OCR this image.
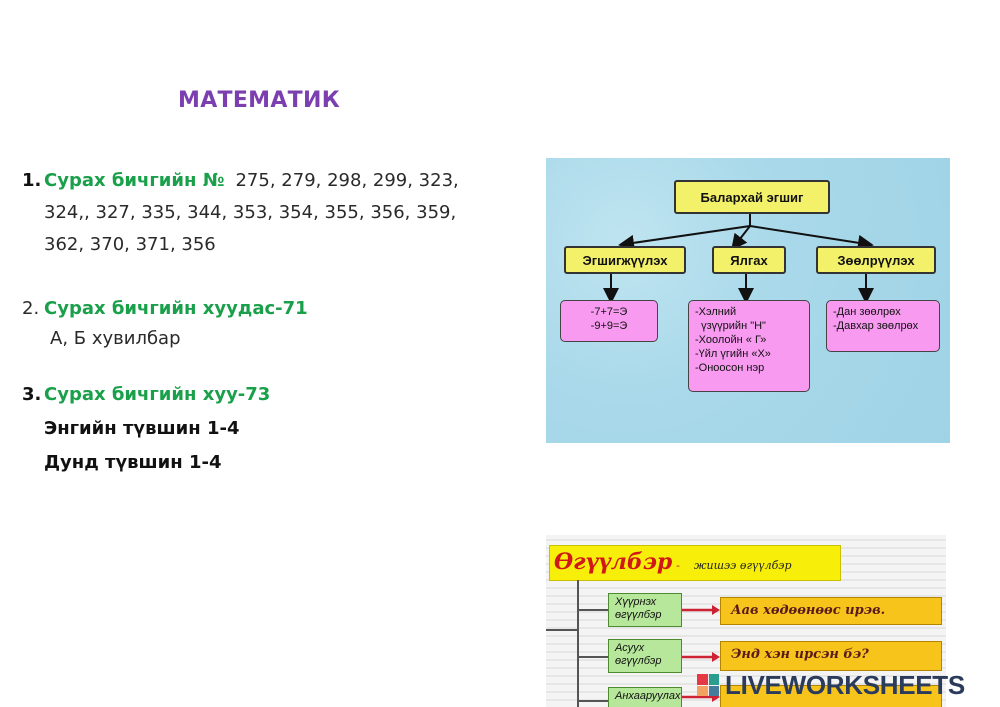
МАТЕМАТИК
1. Сурах бичгийн № 275, 279, 298, 299, 323,
324,, 327, 335, 344, 353, 354, 355, 356, 359,
362, 370, 371, 356
2. Сурах бичгийн хуудас-71
А, Б хувилбар
3. Сурах бичгийн хуу-73
Энгийн түвшин 1-4
Дунд түвшин 1-4
Баларxай эгшиг
Эгшигжүүлэх	Ялгах	Зөөлрүүлэх
-7+7=Э
-9+9=Э
-Хэлний
үзүүрийн "Н"
-Хоолойн « Г»
-Үйл үгийн «Х»
-Оноосон нэр
-Дан зөөлрөх
-Давхар зөөлрөх
Өгүүлбэр - жишээ өгүүлбэр
Хүүрнэх өгүүлбэр	Аав хөдөөнөөс ирэв.
Асуух өгүүлбэр	Энд хэн ирсэн бэ?
Анхааруулах LIVEWORKSHEETS
